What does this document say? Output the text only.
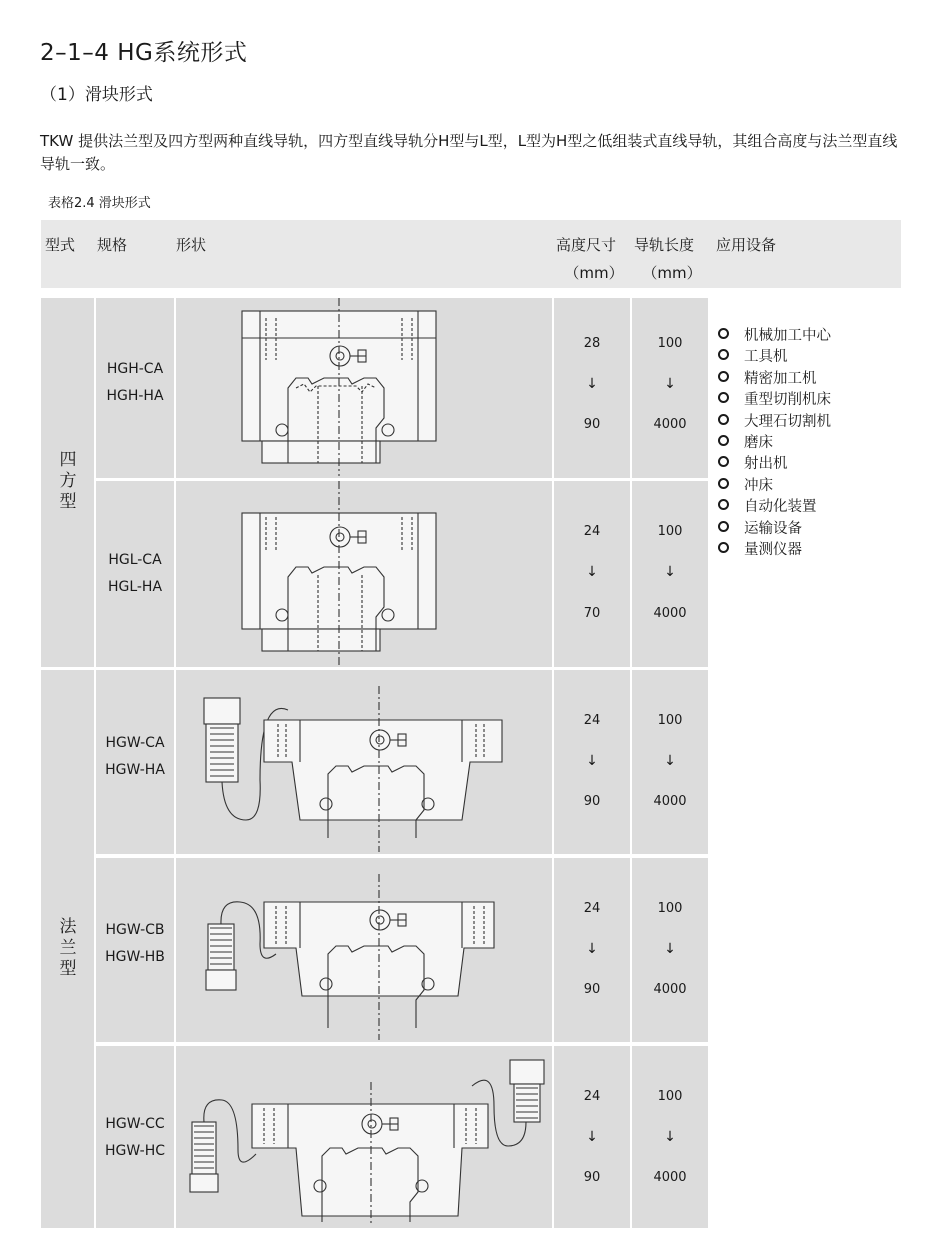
2–1–4 HG系统形式
（1）滑块形式
TKW 提供法兰型及四方型两种直线导轨，四方型直线导轨分H型与L型，L型为H型之低组装式直线导轨，其组合高度与法兰型直线导轨一致。
表格2.4 滑块形式
型式 规格	形状	高度尺寸
（mm）
导轨长度
（mm）
应用设备
四
方
型
法
兰
型
HGH-CA
HGH-HA
28
↓
90
100
↓
4000
HGL-CA
HGL-HA
24
↓
70
100
↓
4000
HGW-CA
HGW-HA
24
↓
90
100
↓
4000
HGW-CB
HGW-HB
24
↓
90
100
↓
4000
HGW-CC
HGW-HC
24
↓
90
100
↓
4000
机械加工中心
工具机
精密加工机
重型切削机床
大理石切割机
磨床
射出机
冲床
自动化装置
运输设备
量测仪器
